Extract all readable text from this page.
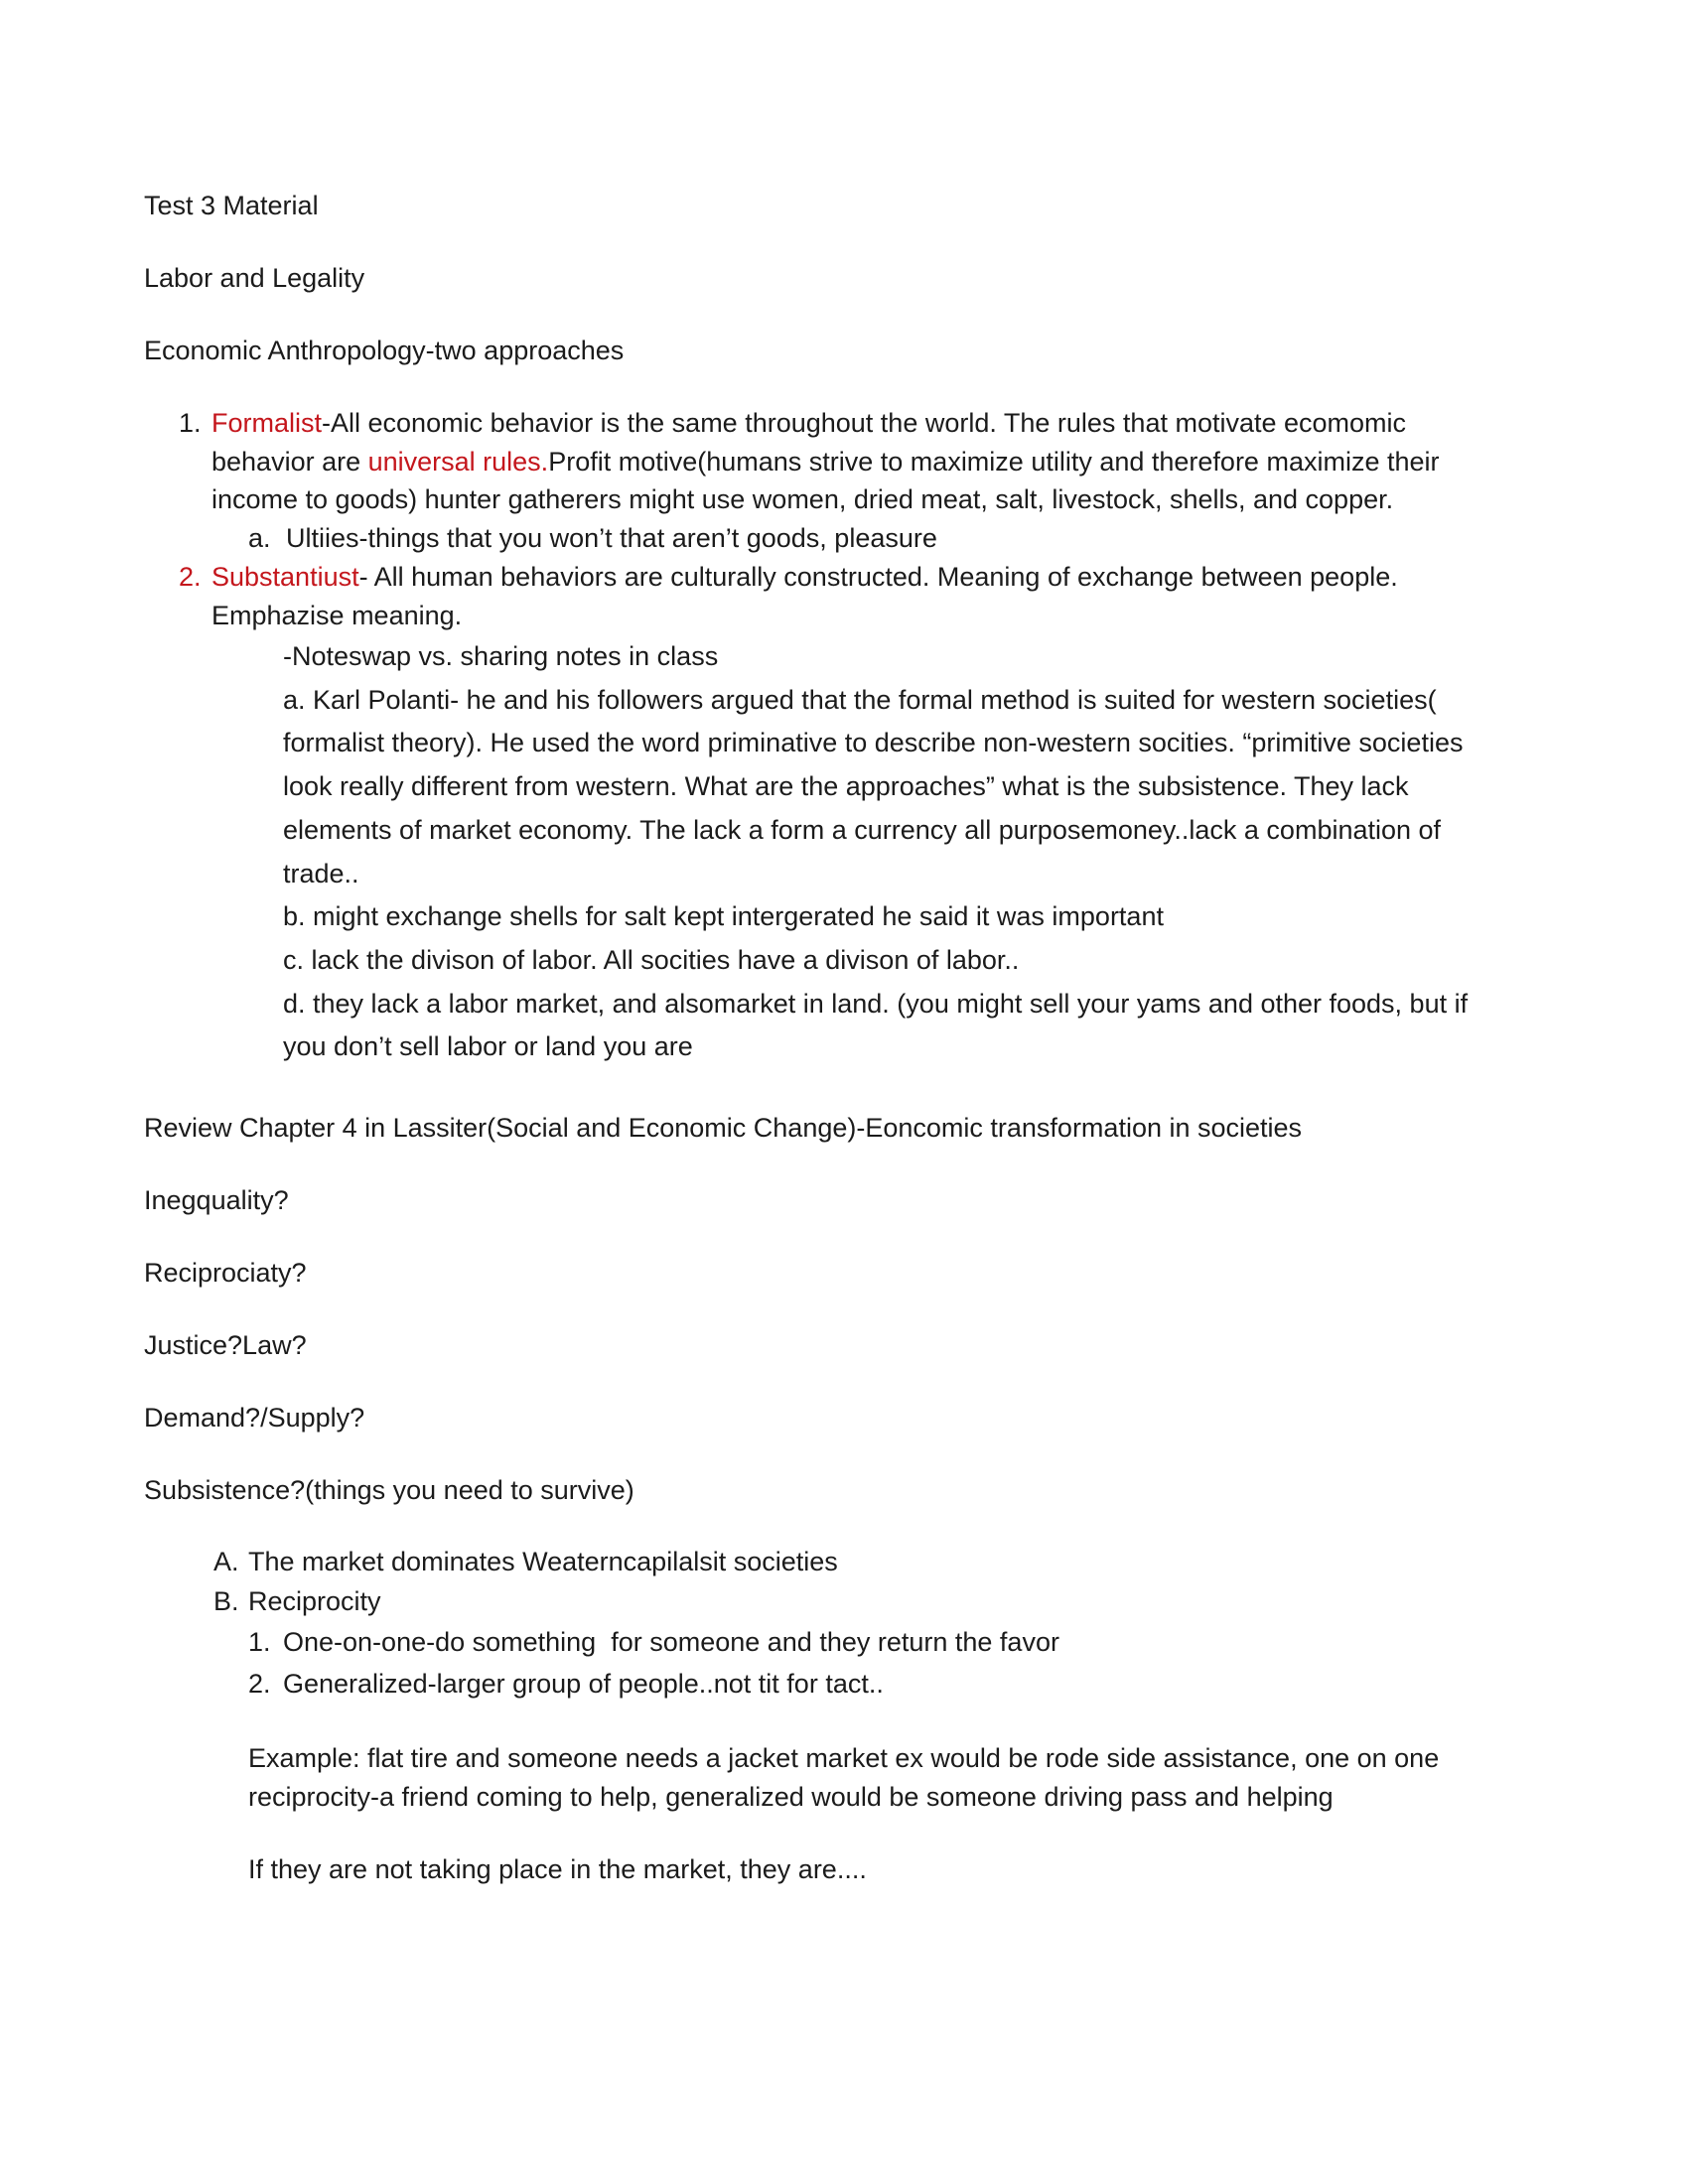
Test 3 Material
Labor and Legality
Economic Anthropology-two approaches
1. Formalist-All economic behavior is the same throughout the world. The rules that motivate ecomomic behavior are universal rules.Profit motive(humans strive to maximize utility and therefore maximize their income to goods) hunter gatherers might use women, dried meat, salt, livestock, shells, and copper.
a. Ultiies-things that you won’t that aren’t goods, pleasure
2. Substantiust- All human behaviors are culturally constructed. Meaning of exchange between people. Emphazise meaning.
-Noteswap vs. sharing notes in class
a. Karl Polanti- he and his followers argued that the formal method is suited for western societies( formalist theory). He used the word priminative to describe non-western socities. “primitive societies look really different from western. What are the approaches” what is the subsistence. They lack elements of market economy. The lack a form a currency all purposemoney..lack a combination of trade..
b. might exchange shells for salt kept intergerated he said it was important
c. lack the divison of labor. All socities have a divison of labor..
d. they lack a labor market, and alsomarket in land. (you might sell your yams and other foods, but if you don’t sell labor or land you are
Review Chapter 4 in Lassiter(Social and Economic Change)-Eoncomic transformation in societies
Inegquality?
Reciprociaty?
Justice?Law?
Demand?/Supply?
Subsistence?(things you need to survive)
A. The market dominates Weaterncapilalsit societies
B. Reciprocity
1. One-on-one-do something  for someone and they return the favor
2. Generalized-larger group of people..not tit for tact..
Example: flat tire and someone needs a jacket market ex would be rode side assistance, one on one reciprocity-a friend coming to help, generalized would be someone driving pass and helping
If they are not taking place in the market, they are....
